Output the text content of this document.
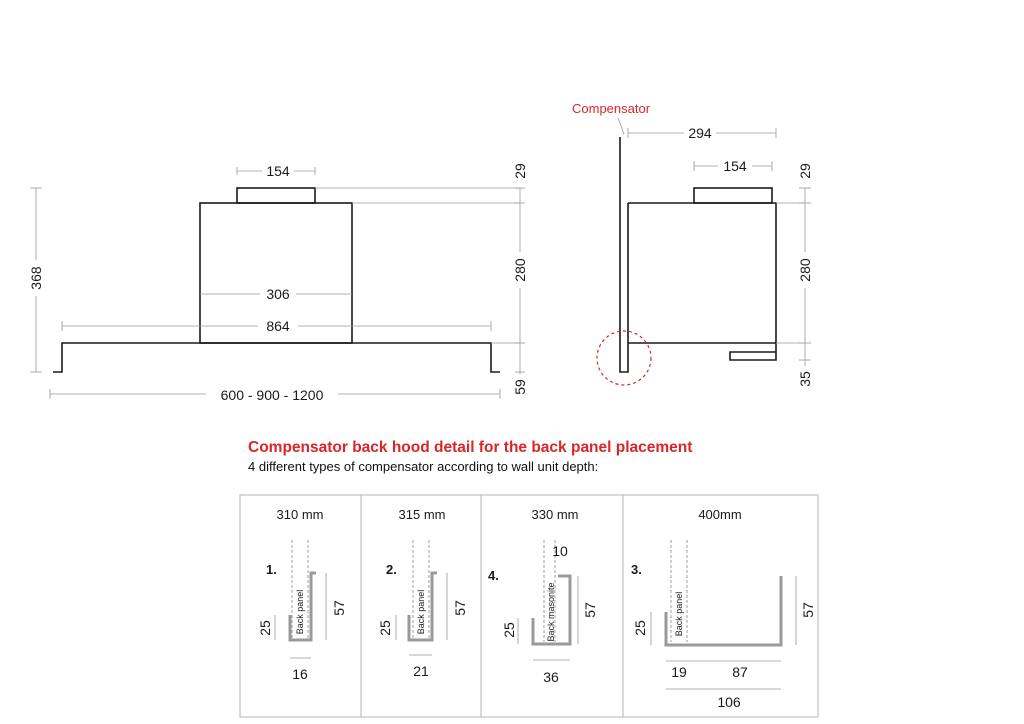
154
306
864
600 - 900 - 1200
368
29
280
59
Compensator
294
154	29
280
35
310 mm
1.
Back panel
25
57
16
315 mm
2.
Back panel
25
57
21
330 mm
4.
Back masonite
10
25
57
36
400mm
3.
Back panel
25
57
19	87
106
Compensator back hood detail for the back panel placement
4 different types of compensator according to wall unit depth:
